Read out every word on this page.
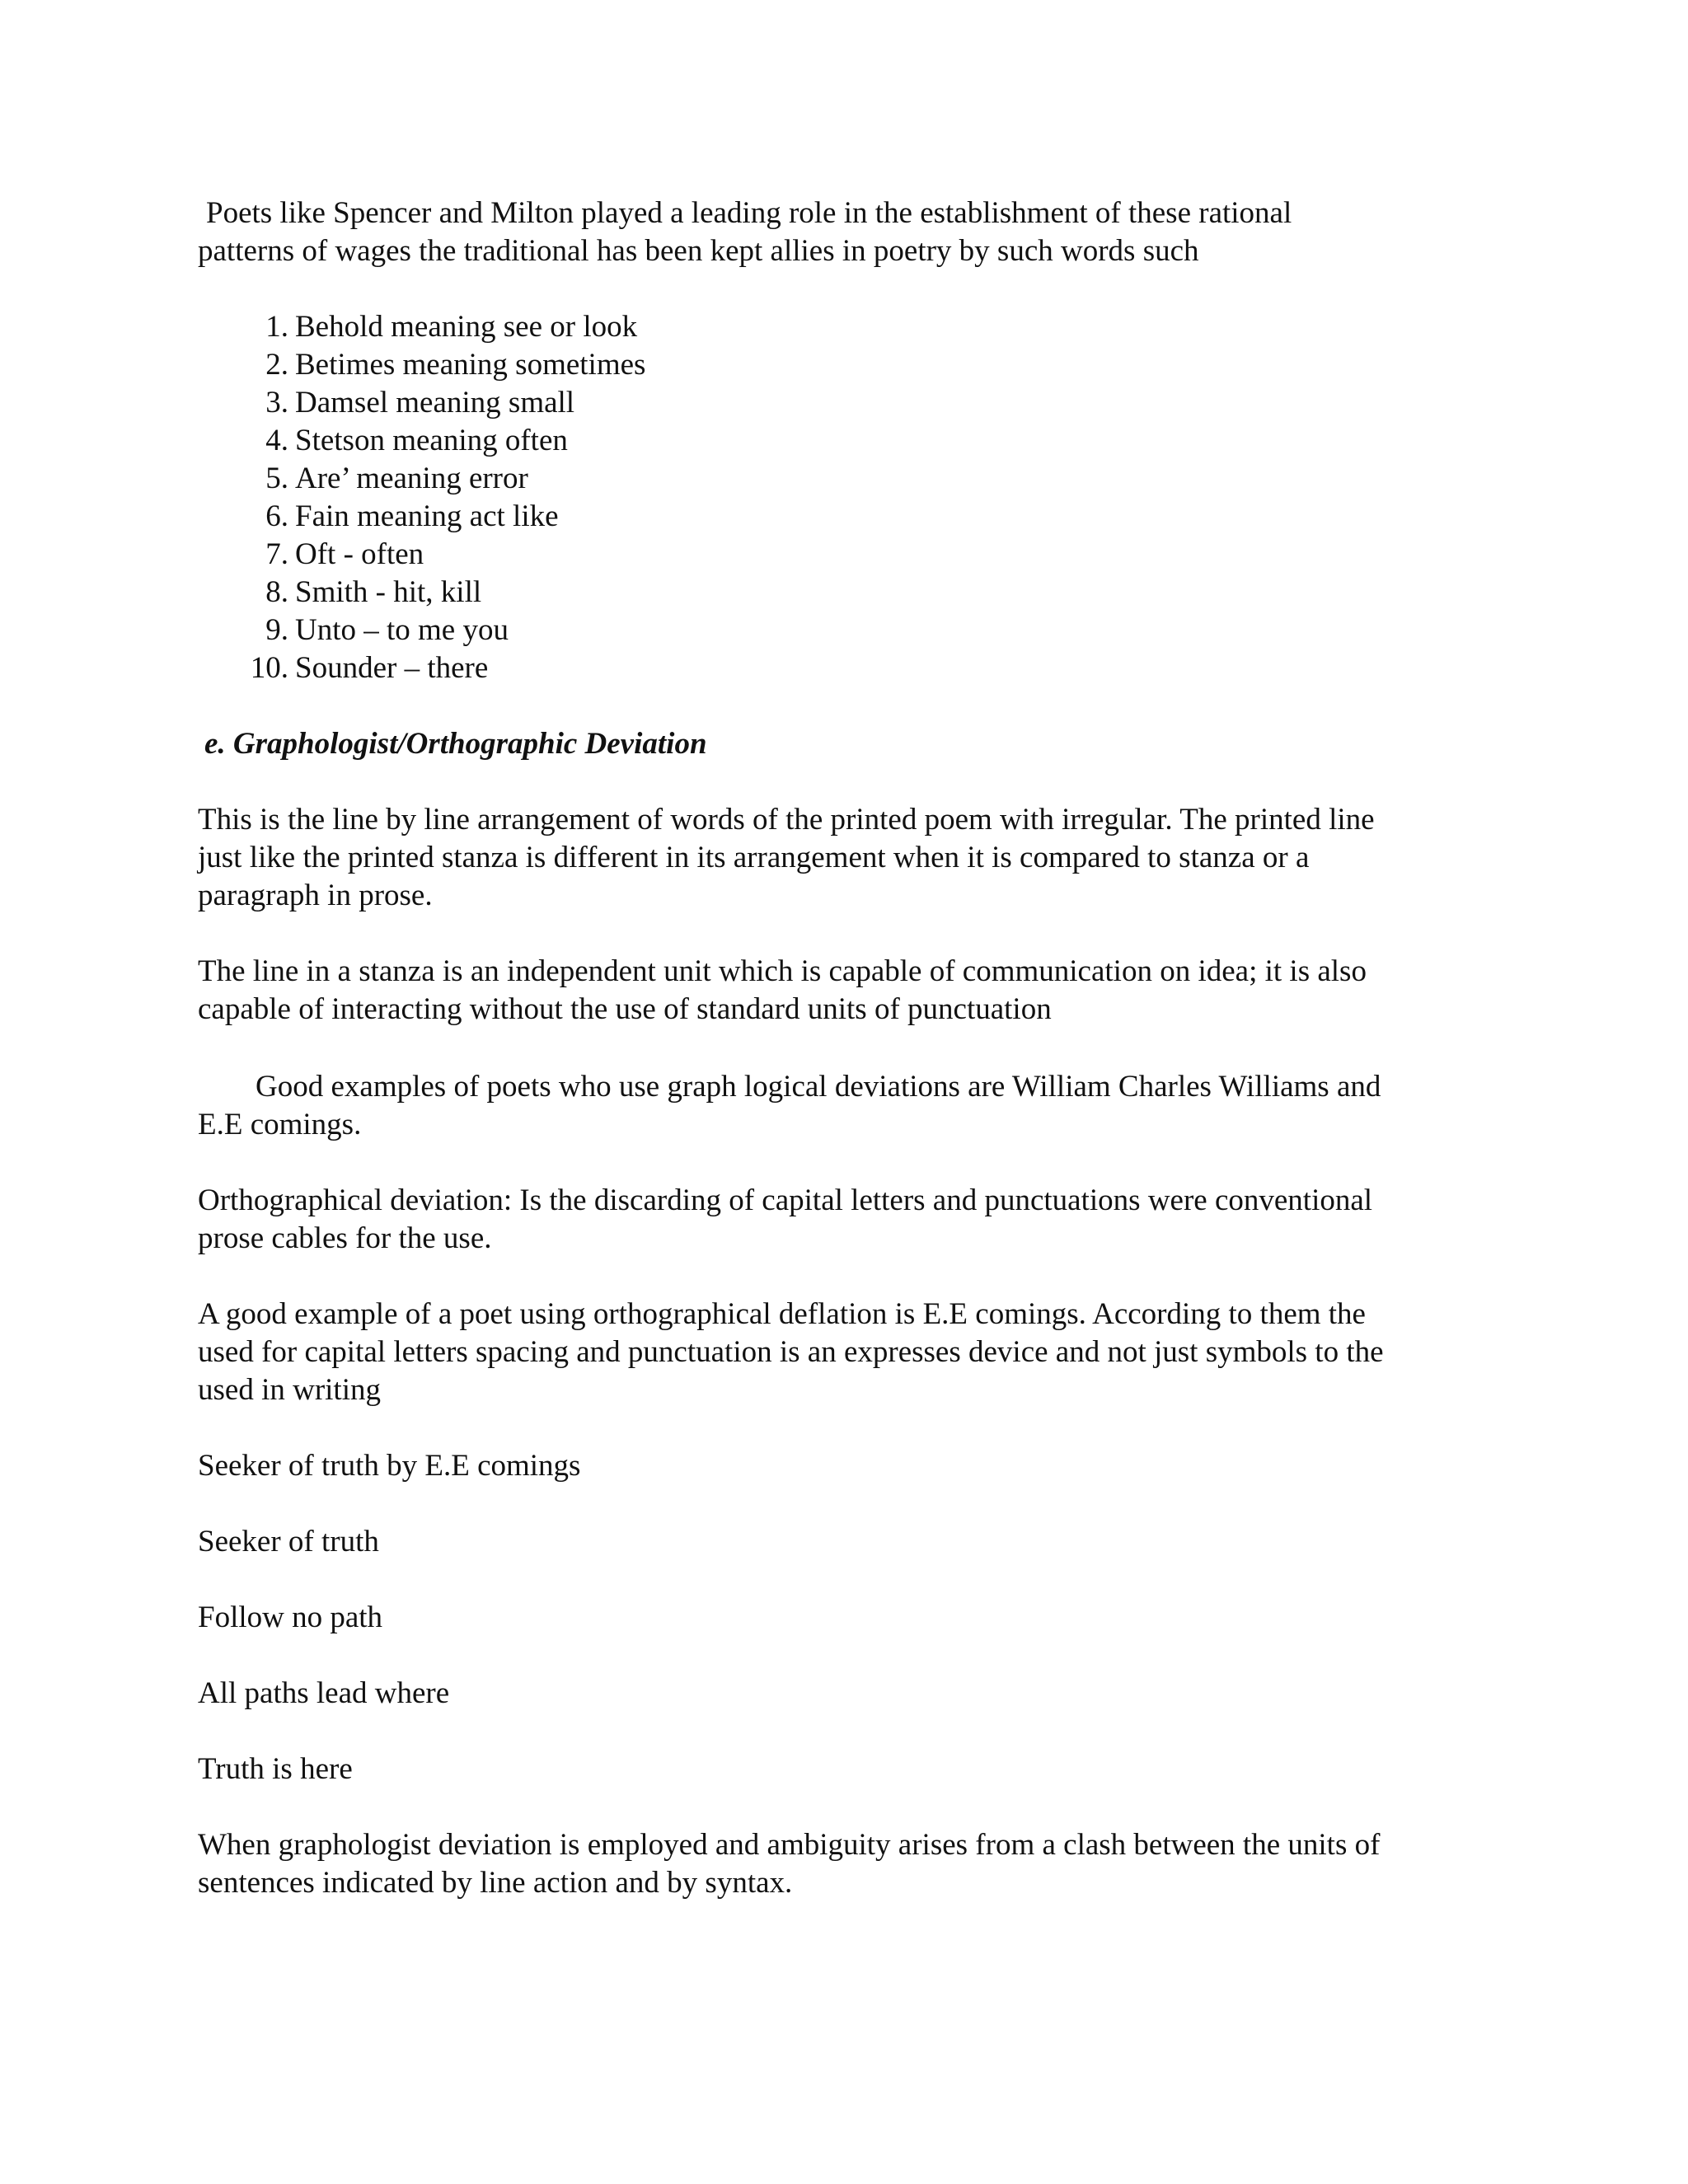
Poets like Spencer and Milton played a leading role in the establishment of these rational
patterns of wages the traditional has been kept allies in poetry by such words such

1. Behold meaning see or look
2. Betimes meaning sometimes
3. Damsel meaning small
4. Stetson meaning often
5. Are’ meaning error
6. Fain meaning act like
7. Oft - often
8. Smith - hit, kill
9. Unto – to me you
10. Sounder – there

e. Graphologist/Orthographic Deviation

This is the line by line arrangement of words of the printed poem with irregular. The printed line
just like the printed stanza is different in its arrangement when it is compared to stanza or a
paragraph in prose.

The line in a stanza is an independent unit which is capable of communication on idea; it is also
capable of interacting without the use of standard units of punctuation

Good examples of poets who use graph logical deviations are William Charles Williams and
E.E comings.

Orthographical deviation: Is the discarding of capital letters and punctuations were conventional
prose cables for the use.

A good example of a poet using orthographical deflation is E.E comings. According to them the
used for capital letters spacing and punctuation is an expresses device and not just symbols to the
used in writing

Seeker of truth by E.E comings

Seeker of truth

Follow no path

All paths lead where

Truth is here

When graphologist deviation is employed and ambiguity arises from a clash between the units of
sentences indicated by line action and by syntax.
